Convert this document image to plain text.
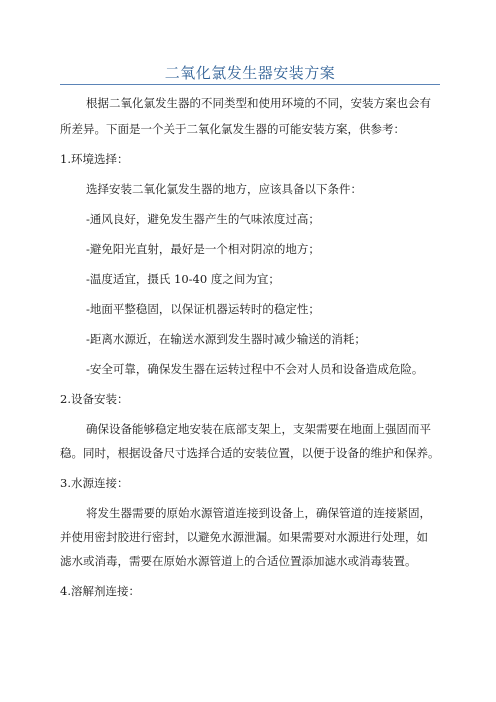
二氧化氯发生器安装方案
根据二氧化氯发生器的不同类型和使用环境的不同，安装方案也会有
所差异。下面是一个关于二氧化氯发生器的可能安装方案，供参考：
1.环境选择：
选择安装二氧化氯发生器的地方，应该具备以下条件：
-通风良好，避免发生器产生的气味浓度过高；
-避免阳光直射，最好是一个相对阴凉的地方；
-温度适宜，摄氏 10-40 度之间为宜；
-地面平整稳固，以保证机器运转时的稳定性；
-距离水源近，在输送水源到发生器时减少输送的消耗；
-安全可靠，确保发生器在运转过程中不会对人员和设备造成危险。
2.设备安装：
确保设备能够稳定地安装在底部支架上，支架需要在地面上强固而平
稳。同时，根据设备尺寸选择合适的安装位置，以便于设备的维护和保养。
3.水源连接：
将发生器需要的原始水源管道连接到设备上，确保管道的连接紧固，
并使用密封胶进行密封，以避免水源泄漏。如果需要对水源进行处理，如
滤水或消毒，需要在原始水源管道上的合适位置添加滤水或消毒装置。
4.溶解剂连接：
